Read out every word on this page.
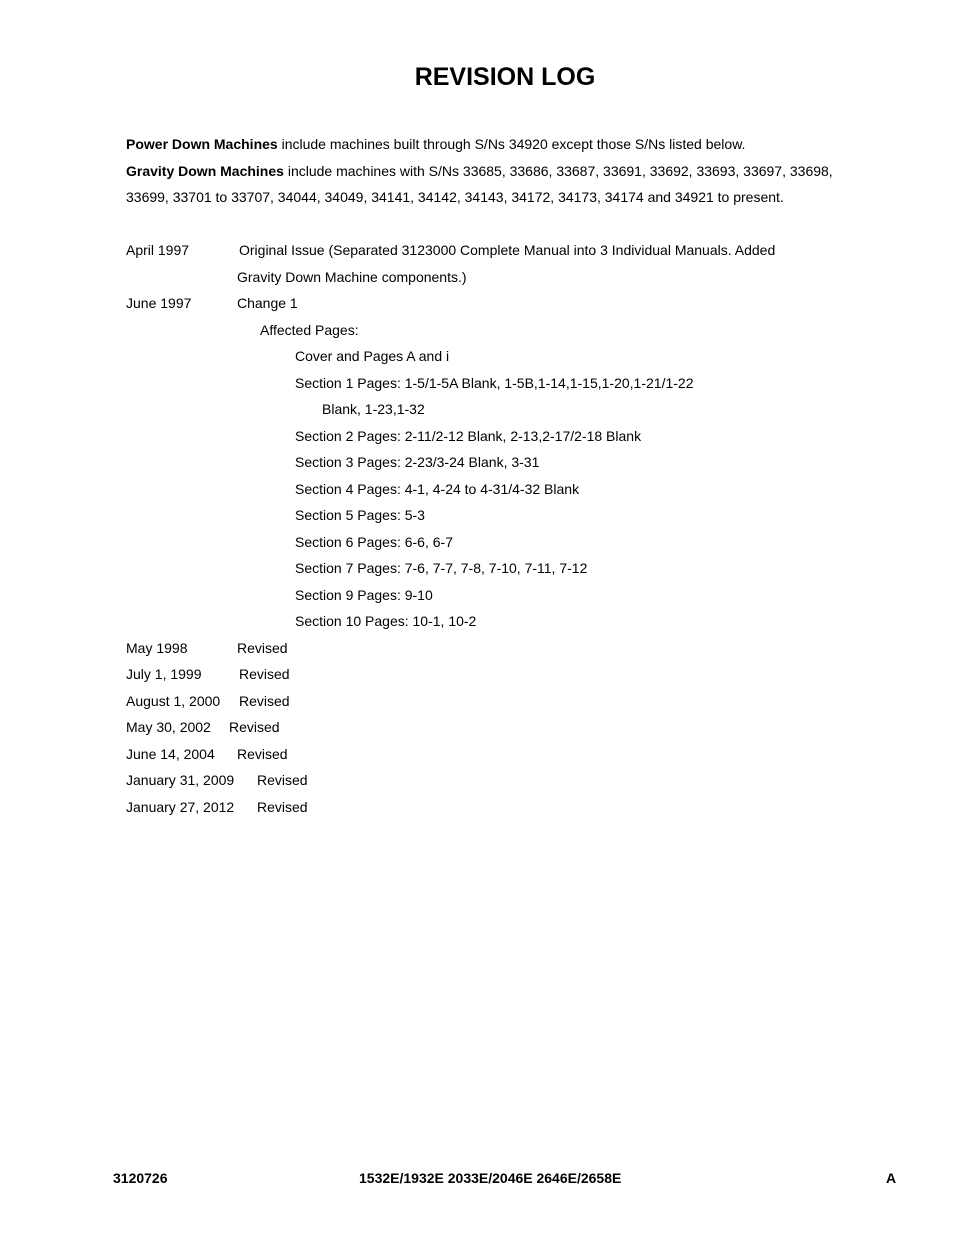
REVISION LOG
Power Down Machines include machines built through S/Ns 34920 except those S/Ns listed below.
Gravity Down Machines include machines with S/Ns 33685, 33686, 33687, 33691, 33692, 33693, 33697, 33698,
33699, 33701 to 33707, 34044, 34049, 34141, 34142, 34143, 34172, 34173, 34174 and 34921 to present.
April 1997	Original Issue (Separated 3123000 Complete Manual into 3 Individual Manuals. Added
Gravity Down Machine components.)
June 1997	Change 1
Affected Pages:
Cover and Pages A and i
Section 1 Pages: 1-5/1-5A Blank, 1-5B,1-14,1-15,1-20,1-21/1-22
Blank, 1-23,1-32
Section 2 Pages: 2-11/2-12 Blank, 2-13,2-17/2-18 Blank
Section 3 Pages: 2-23/3-24 Blank, 3-31
Section 4 Pages: 4-1, 4-24 to 4-31/4-32 Blank
Section 5 Pages: 5-3
Section 6 Pages: 6-6, 6-7
Section 7 Pages: 7-6, 7-7, 7-8, 7-10, 7-11, 7-12
Section 9 Pages: 9-10
Section 10 Pages: 10-1, 10-2
May 1998	Revised
July 1, 1999	Revised
August 1, 2000 Revised
May 30, 2002 Revised
June 14, 2004 Revised
January 31, 2009 Revised
January 27, 2012 Revised
3120726	1532E/1932E 2033E/2046E 2646E/2658E	A
